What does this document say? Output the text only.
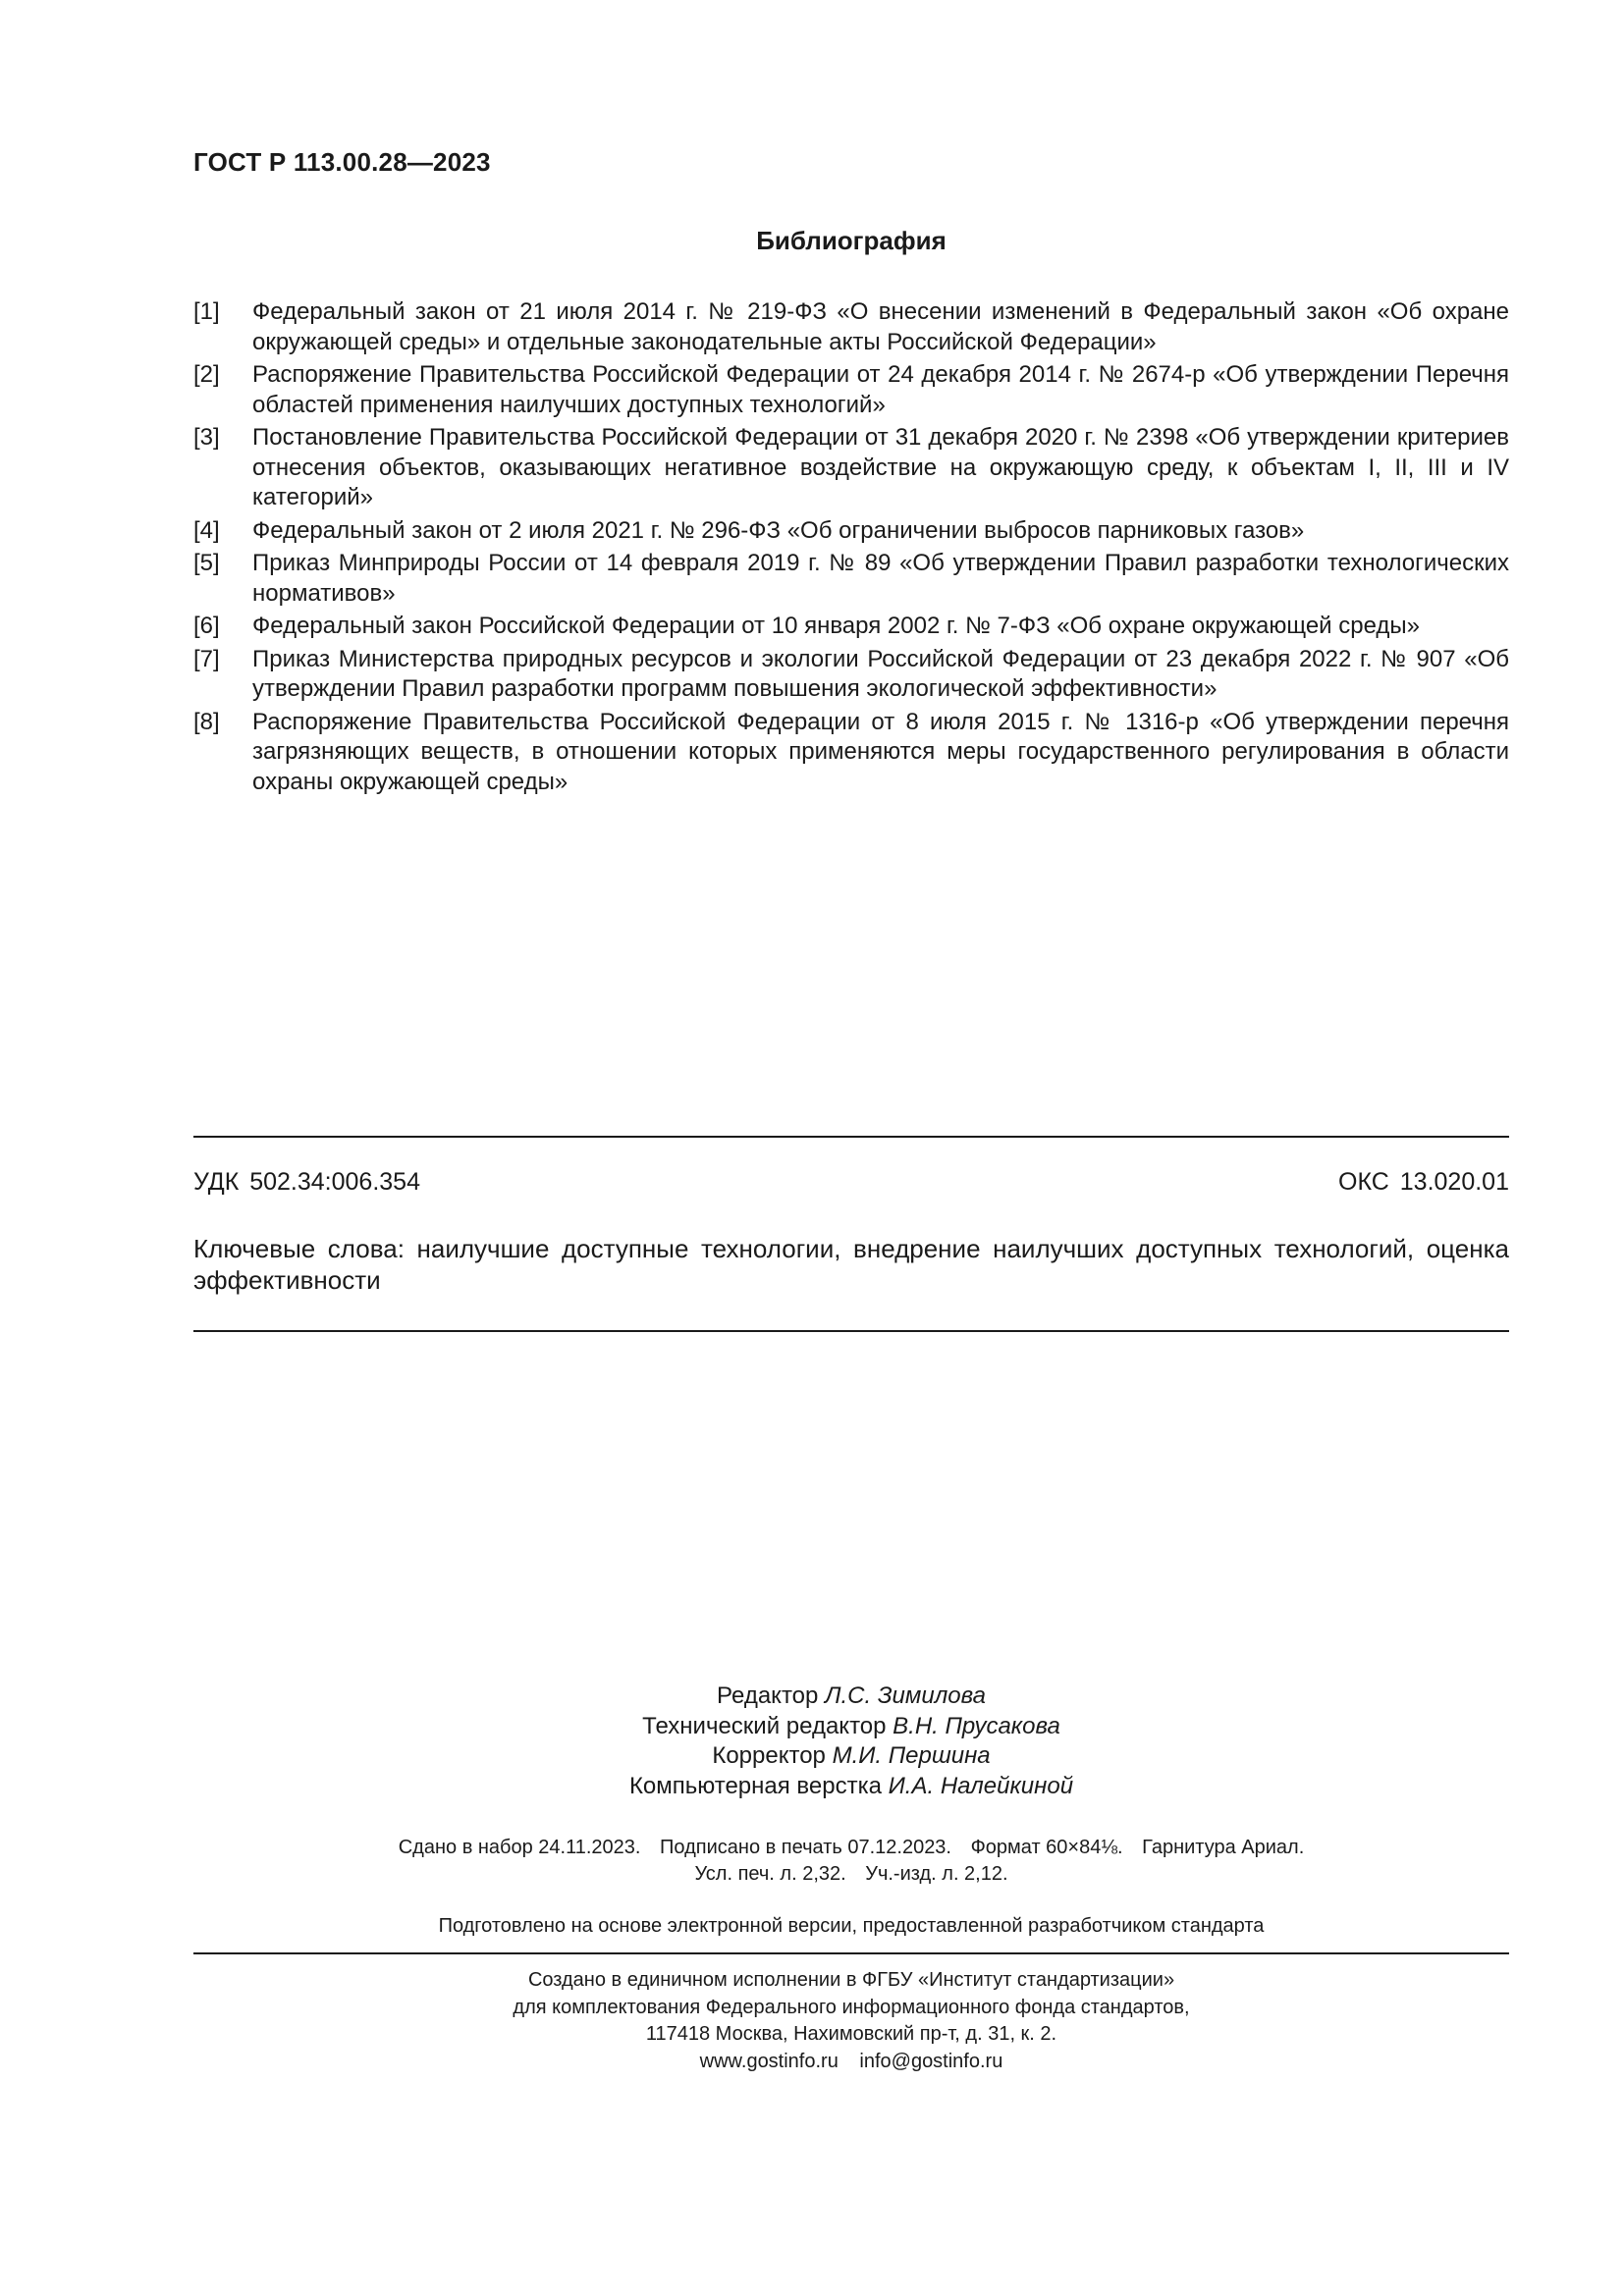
ГОСТ Р 113.00.28—2023
Библиография
[1]	Федеральный закон от 21 июля 2014 г. № 219-ФЗ «О внесении изменений в Федеральный закон «Об охране окружающей среды» и отдельные законодательные акты Российской Федерации»
[2]	Распоряжение Правительства Российской Федерации от 24 декабря 2014 г. № 2674-р «Об утверждении Перечня областей применения наилучших доступных технологий»
[3]	Постановление Правительства Российской Федерации от 31 декабря 2020 г. № 2398 «Об утверждении критериев отнесения объектов, оказывающих негативное воздействие на окружающую среду, к объектам I, II, III и IV категорий»
[4]	Федеральный закон от 2 июля 2021 г. № 296-ФЗ «Об ограничении выбросов парниковых газов»
[5]	Приказ Минприроды России от 14 февраля 2019 г. № 89 «Об утверждении Правил разработки технологических нормативов»
[6]	Федеральный закон Российской Федерации от 10 января 2002 г. № 7-ФЗ «Об охране окружающей среды»
[7]	Приказ Министерства природных ресурсов и экологии Российской Федерации от 23 декабря 2022 г. № 907 «Об утверждении Правил разработки программ повышения экологической эффективности»
[8]	Распоряжение Правительства Российской Федерации от 8 июля 2015 г. № 1316-р «Об утверждении перечня загрязняющих веществ, в отношении которых применяются меры государственного регулирования в области охраны окружающей среды»
УДК 502.34:006.354	ОКС 13.020.01
Ключевые слова: наилучшие доступные технологии, внедрение наилучших доступных технологий, оценка эффективности
Редактор Л.С. Зимилова
Технический редактор В.Н. Прусакова
Корректор М.И. Першина
Компьютерная верстка И.А. Налейкиной
Сдано в набор 24.11.2023. Подписано в печать 07.12.2023. Формат 60×84⅛. Гарнитура Ариал.
Усл. печ. л. 2,32. Уч.-изд. л. 2,12.
Подготовлено на основе электронной версии, предоставленной разработчиком стандарта
Создано в единичном исполнении в ФГБУ «Институт стандартизации»
для комплектования Федерального информационного фонда стандартов,
117418 Москва, Нахимовский пр-т, д. 31, к. 2.
www.gostinfo.ru info@gostinfo.ru
